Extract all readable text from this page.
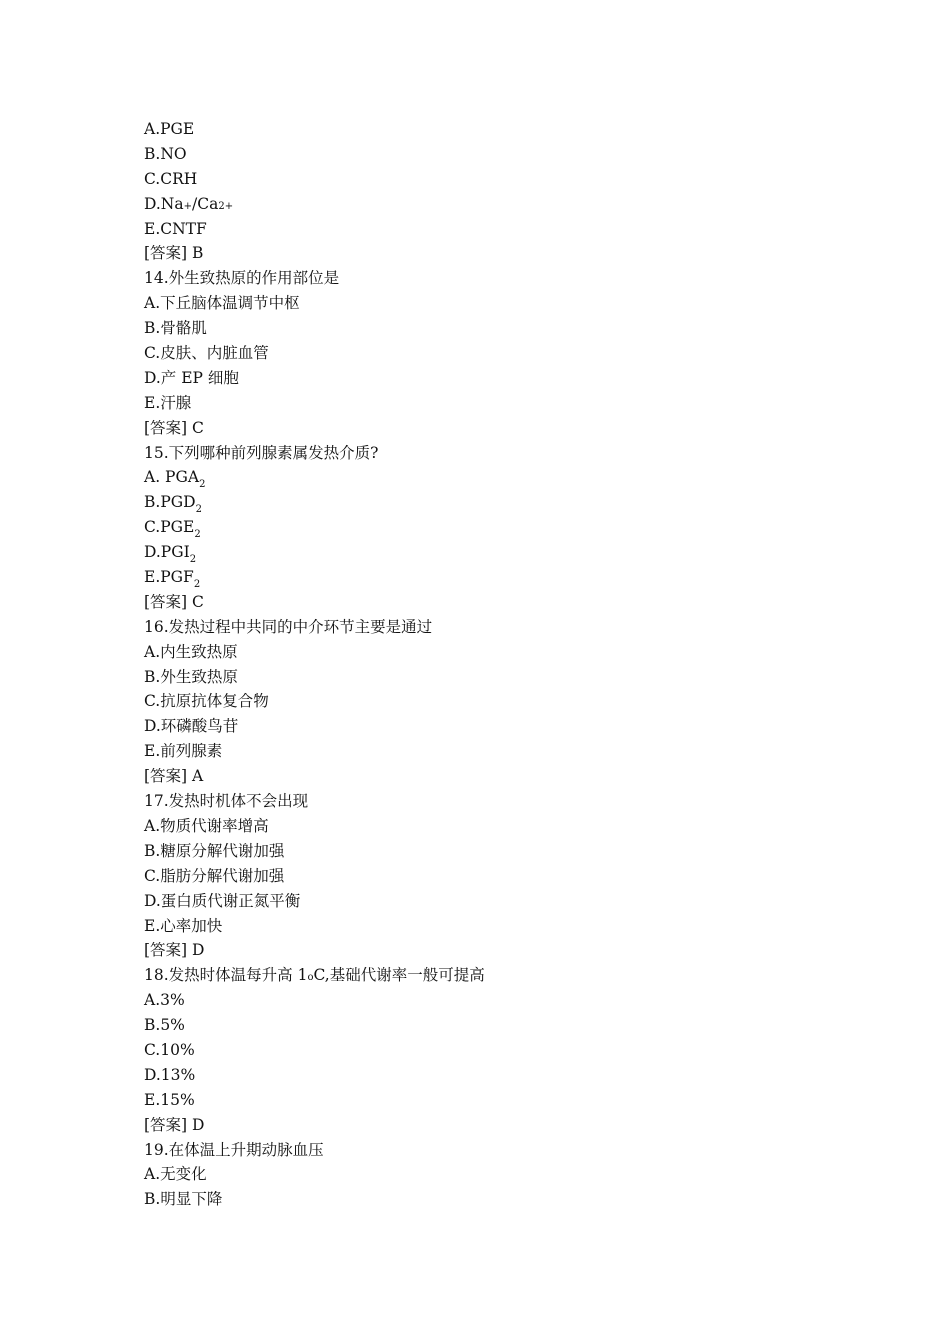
A.PGE
B.NO
C.CRH
D.Na+/Ca2+
E.CNTF
[答案] B
14.外生致热原的作用部位是
A.下丘脑体温调节中枢
B.骨骼肌
C.皮肤、内脏血管
D.产 EP 细胞
E.汗腺
[答案] C
15.下列哪种前列腺素属发热介质?
A. $PGA_2$
$B.PGD_2$
$C.PGE_2$
$D.PGI_2$
$E.PGF_2$
[答案] C
16.发热过程中共同的中介环节主要是通过
A.内生致热原
B.外生致热原
C.抗原抗体复合物
D.环磷酸鸟苷
E.前列腺素
[答案] A
17.发热时机体不会出现
A.物质代谢率增高
B.糖原分解代谢加强
C.脂肪分解代谢加强
D.蛋白质代谢正氮平衡
E.心率加快
[答案] D
18.发热时体温每升高 1oC,基础代谢率一般可提高
A.3%
B.5%
C.10%
D.13%
E.15%
[答案] D
19.在体温上升期动脉血压
A.无变化
B.明显下降
